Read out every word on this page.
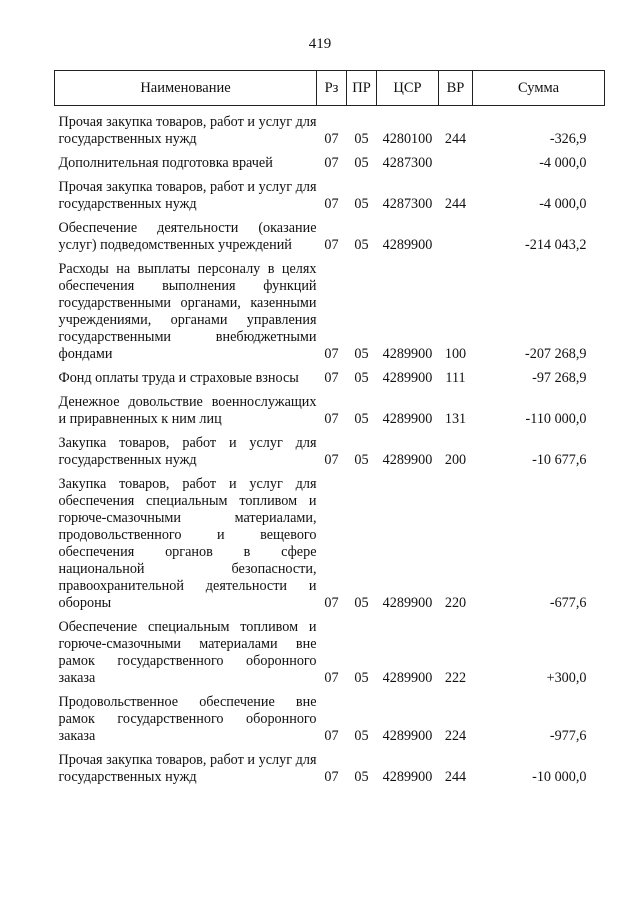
419
Наименование	Рз	ПР	ЦСР	ВР	Сумма
Прочая закупка товаров, работ и услуг для государственных нужд	07	05	4280100	244	-326,9
Дополнительная подготовка врачей	07	05	4287300		-4 000,0
Прочая закупка товаров, работ и услуг для государственных нужд	07	05	4287300	244	-4 000,0
Обеспечение деятельности (оказание услуг) подведомственных учреждений	07	05	4289900		-214 043,2
Расходы на выплаты персоналу в целях обеспечения выполнения функций государственными органами, казенными учреждениями, органами управления государственными внебюджетными фондами	07	05	4289900	100	-207 268,9
Фонд оплаты труда и страховые взносы	07	05	4289900	111	-97 268,9
Денежное довольствие военнослужащих и приравненных к ним лиц	07	05	4289900	131	-110 000,0
Закупка товаров, работ и услуг для государственных нужд	07	05	4289900	200	-10 677,6
Закупка товаров, работ и услуг для обеспечения специальным топливом и горюче-смазочными материалами, продовольственного и вещевого обеспечения органов в сфере национальной безопасности, правоохранительной деятельности и обороны	07	05	4289900	220	-677,6
Обеспечение специальным топливом и горюче-смазочными материалами вне рамок государственного оборонного заказа	07	05	4289900	222	+300,0
Продовольственное обеспечение вне рамок государственного оборонного заказа	07	05	4289900	224	-977,6
Прочая закупка товаров, работ и услуг для государственных нужд	07	05	4289900	244	-10 000,0
